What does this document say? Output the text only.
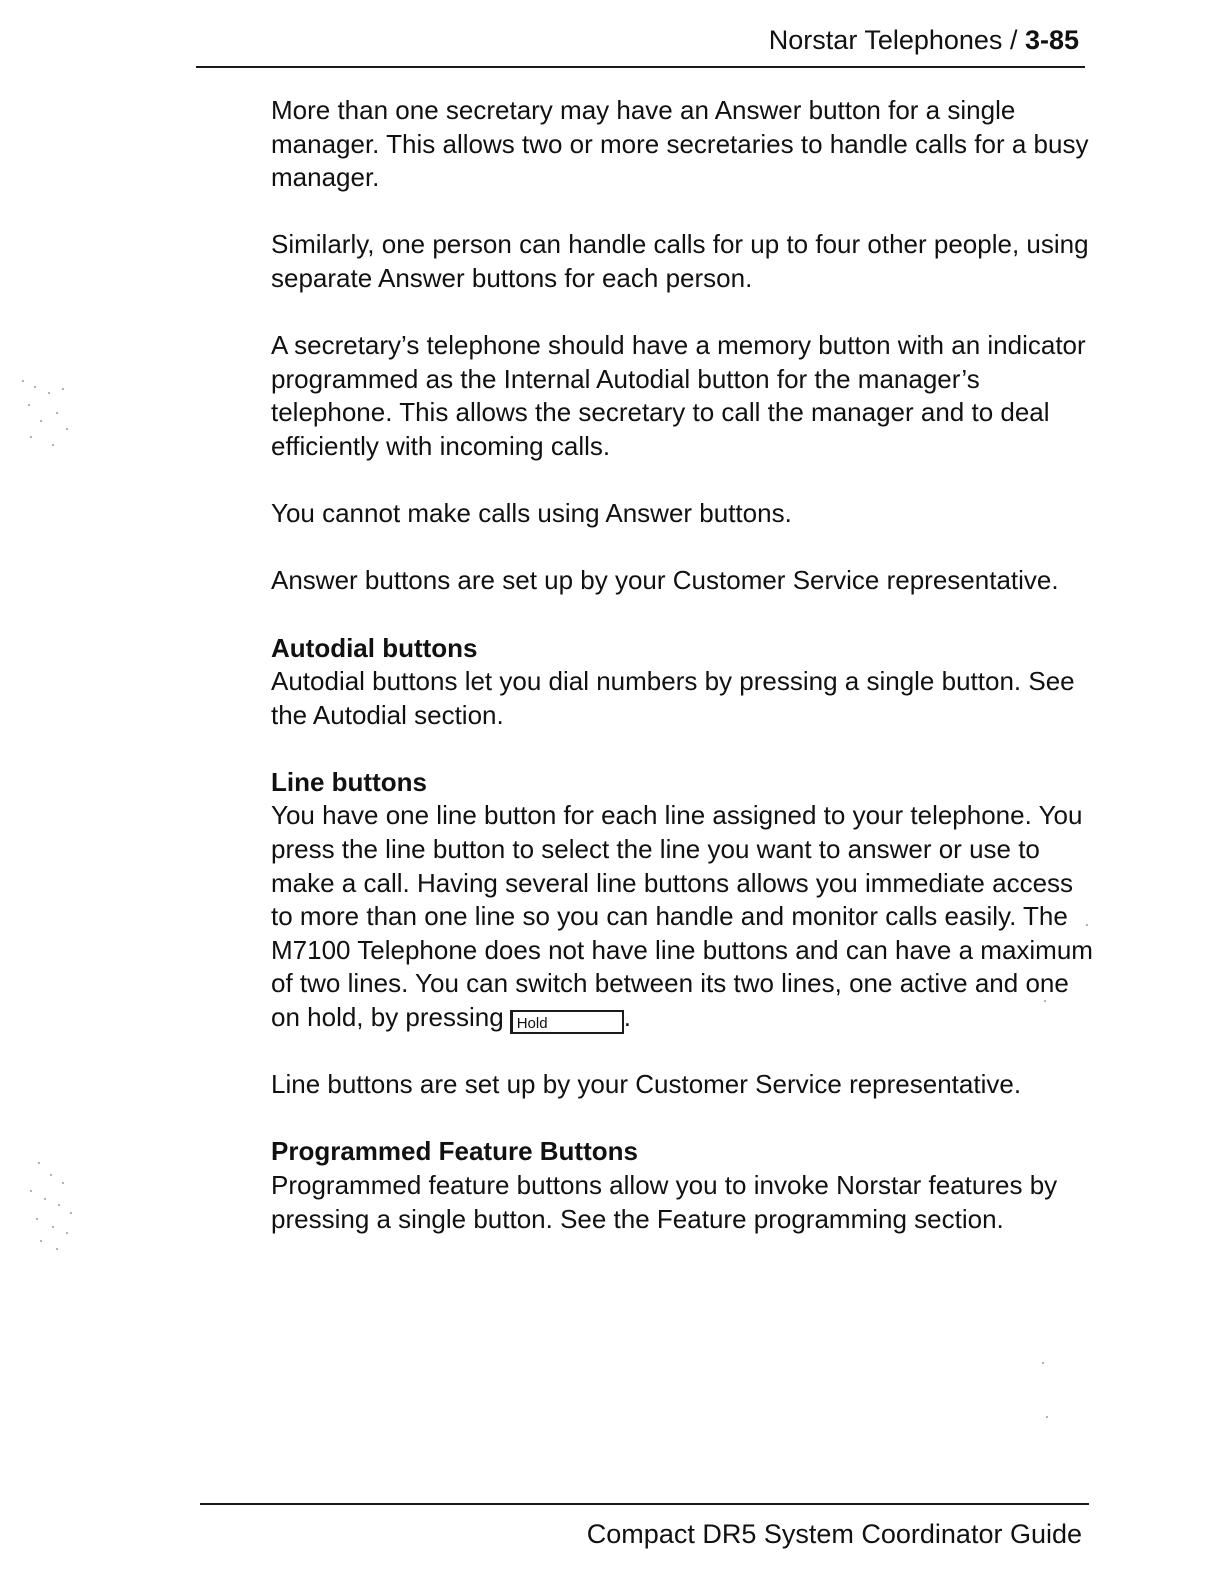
Norstar Telephones / 3-85

More than one secretary may have an Answer button for a single manager. This allows two or more secretaries to handle calls for a busy manager.

Similarly, one person can handle calls for up to four other people, using separate Answer buttons for each person.

A secretary’s telephone should have a memory button with an indicator programmed as the Internal Autodial button for the manager’s telephone. This allows the secretary to call the manager and to deal efficiently with incoming calls.

You cannot make calls using Answer buttons.

Answer buttons are set up by your Customer Service representative.

Autodial buttons

Autodial buttons let you dial numbers by pressing a single button. See the Autodial section.

Line buttons

You have one line button for each line assigned to your telephone. You press the line button to select the line you want to answer or use to make a call. Having several line buttons allows you immediate access to more than one line so you can handle and monitor calls easily. The M7100 Telephone does not have line buttons and can have a maximum of two lines. You can switch between its two lines, one active and one on hold, by pressing Hold	.

Line buttons are set up by your Customer Service representative.

Programmed Feature Buttons

Programmed feature buttons allow you to invoke Norstar features by pressing a single button. See the Feature programming section.

Compact DR5 System Coordinator Guide
